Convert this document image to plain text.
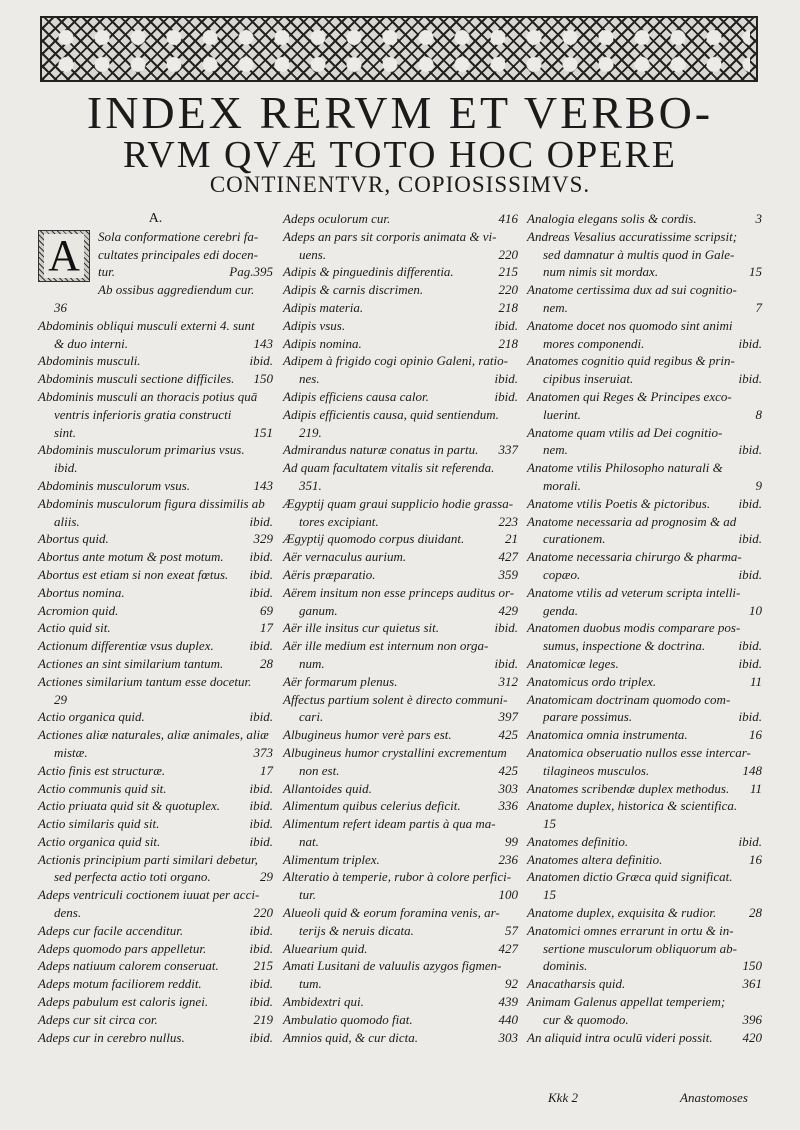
INDEX RERVM ET VERBO-
RVM QVÆ TOTO HOC OPERE
CONTINENTVR, COPIOSISSIMVS.
A
A.
Sola conformatione cerebri fa-
cultates principales edi docen-
tur.	Pag.395
Ab ossibus aggrediendum cur.
36
Abdominis obliqui musculi externi 4. sunt
& duo interni.	143
Abdominis musculi.	ibid.
Abdominis musculi sectione difficiles. 150
Abdominis musculi an thoracis potius quā
ventris inferioris gratia constructi
sint.	151
Abdominis musculorum primarius vsus.
ibid.
Abdominis musculorum vsus.	143
Abdominis musculorum figura dissimilis ab
aliis.	ibid.
Abortus quid.	329
Abortus ante motum & post motum. ibid.
Abortus est etiam si non exeat fœtus. ibid.
Abortus nomina.	ibid.
Acromion quid.	69
Actio quid sit.	17
Actionum differentiæ vsus duplex.	ibid.
Actiones an sint similarium tantum.	28
Actiones similarium tantum esse docetur.
29
Actio organica quid.	ibid.
Actiones aliæ naturales, aliæ animales, aliæ
mistæ.	373
Actio finis est structuræ.	17
Actio communis quid sit.	ibid.
Actio priuata quid sit & quotuplex. ibid.
Actio similaris quid sit.	ibid.
Actio organica quid sit.	ibid.
Actionis principium parti similari debetur,
sed perfecta actio toti organo.	29
Adeps ventriculi coctionem iuuat per acci-
dens.	220
Adeps cur facile accenditur.	ibid.
Adeps quomodo pars appelletur.	ibid.
Adeps natiuum calorem conseruat.	215
Adeps motum faciliorem reddit.	ibid.
Adeps pabulum est caloris ignei.	ibid.
Adeps cur sit circa cor.	219
Adeps cur in cerebro nullus.	ibid.
Adeps oculorum cur.	416
Adeps an pars sit corporis animata & vi-
uens.	220
Adipis & pinguedinis differentia.	215
Adipis & carnis discrimen.	220
Adipis materia.	218
Adipis vsus.	ibid.
Adipis nomina.	218
Adipem à frigido cogi opinio Galeni, ratio-
nes.	ibid.
Adipis efficiens causa calor.	ibid.
Adipis efficientis causa, quid sentiendum.
219.
Admirandus naturæ conatus in partu. 337
Ad quam facultatem vitalis sit referenda.
351.
Ægyptij quam graui supplicio hodie grassa-
tores excipiant.	223
Ægyptij quomodo corpus diuidant.	21
Aër vernaculus aurium.	427
Aëris præparatio.	359
Aërem insitum non esse princeps auditus or-
ganum.	429
Aër ille insitus cur quietus sit.	ibid.
Aër ille medium est internum non orga-
num.	ibid.
Aër formarum plenus.	312
Affectus partium solent è directo communi-
cari.	397
Albugineus humor verè pars est.	425
Albugineus humor crystallini excrementum
non est.	425
Allantoides quid.	303
Alimentum quibus celerius deficit.	336
Alimentum refert ideam partis à qua ma-
nat.	99
Alimentum triplex.	236
Alteratio à temperie, rubor à colore perfici-
tur.	100
Alueoli quid & eorum foramina venis, ar-
terijs & neruis dicata.	57
Aluearium quid.	427
Amati Lusitani de valuulis azygos figmen-
tum.	92
Ambidextri qui.	439
Ambulatio quomodo fiat.	440
Amnios quid, & cur dicta.	303
Analogia elegans solis & cordis.	3
Andreas Vesalius accuratissime scripsit;
sed damnatur à multis quod in Gale-
num nimis sit mordax.	15
Anatome certissima dux ad sui cognitio-
nem.	7
Anatome docet nos quomodo sint animi
mores componendi.	ibid.
Anatomes cognitio quid regibus & prin-
cipibus inseruiat.	ibid.
Anatomen qui Reges & Principes exco-
luerint.	8
Anatome quam vtilis ad Dei cognitio-
nem.	ibid.
Anatome vtilis Philosopho naturali &
morali.	9
Anatome vtilis Poetis & pictoribus. ibid.
Anatome necessaria ad prognosim & ad
curationem.	ibid.
Anatome necessaria chirurgo & pharma-
copæo.	ibid.
Anatome vtilis ad veterum scripta intelli-
genda.	10
Anatomen duobus modis comparare pos-
sumus, inspectione & doctrina.	ibid.
Anatomicæ leges.	ibid.
Anatomicus ordo triplex.	11
Anatomicam doctrinam quomodo com-
parare possimus.	ibid.
Anatomica omnia instrumenta.	16
Anatomica obseruatio nullos esse intercar-
tilagineos musculos.	148
Anatomes scribendæ duplex methodus. 11
Anatome duplex, historica & scientifica.
15
Anatomes definitio.	ibid.
Anatomes altera definitio.	16
Anatomen dictio Græca quid significat.
15
Anatome duplex, exquisita & rudior.	28
Anatomici omnes errarunt in ortu & in-
sertione musculorum obliquorum ab-
dominis.	150
Anacatharsis quid.	361
Animam Galenus appellat temperiem;
cur & quomodo.	396
An aliquid intra oculū videri possit. 420
Kkk 2	Anastomoses
